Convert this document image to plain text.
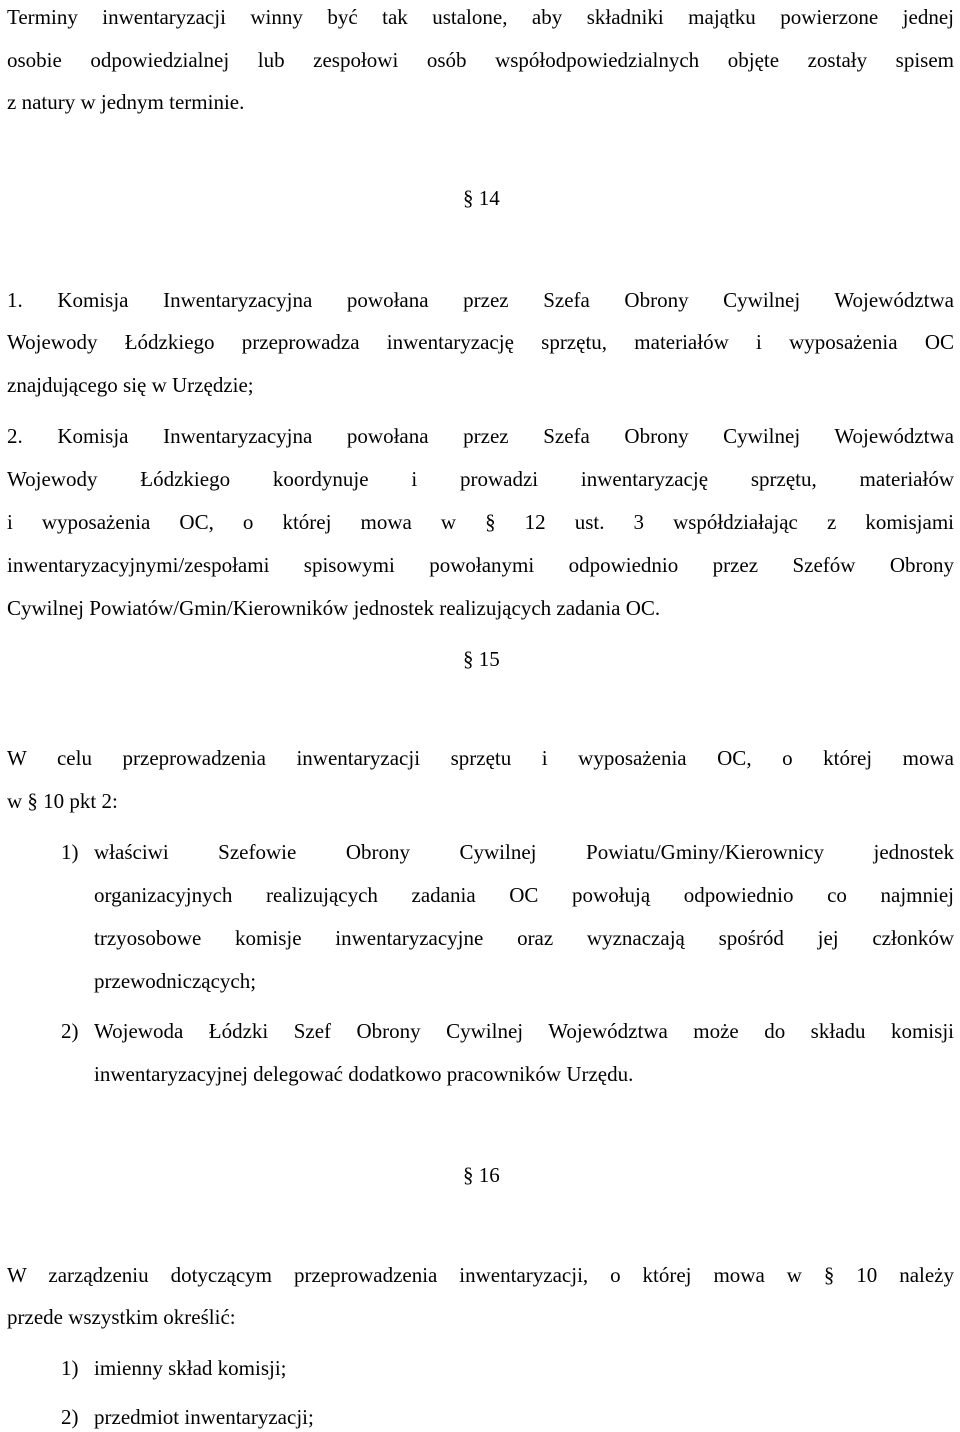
Terminy inwentaryzacji winny być tak ustalone, aby składniki majątku powierzone jednej
osobie odpowiedzialnej lub zespołowi osób współodpowiedzialnych objęte zostały spisem
z natury w jednym terminie.
§ 14
1. Komisja Inwentaryzacyjna powołana przez Szefa Obrony Cywilnej Województwa
Wojewody Łódzkiego przeprowadza inwentaryzację sprzętu, materiałów i wyposażenia OC
znajdującego się w Urzędzie;
2. Komisja Inwentaryzacyjna powołana przez Szefa Obrony Cywilnej Województwa
Wojewody Łódzkiego koordynuje i prowadzi inwentaryzację sprzętu, materiałów
i wyposażenia OC, o której mowa w § 12 ust. 3 współdziałając z komisjami
inwentaryzacyjnymi/zespołami spisowymi powołanymi odpowiednio przez Szefów Obrony
Cywilnej Powiatów/Gmin/Kierowników jednostek realizujących zadania OC.
§ 15
W celu przeprowadzenia inwentaryzacji sprzętu i wyposażenia OC, o której mowa
w § 10 pkt 2:
1) właściwi Szefowie Obrony Cywilnej Powiatu/Gminy/Kierownicy jednostek
organizacyjnych realizujących zadania OC powołują odpowiednio co najmniej
trzyosobowe komisje inwentaryzacyjne oraz wyznaczają spośród jej członków
przewodniczących;
2) Wojewoda Łódzki Szef Obrony Cywilnej Województwa może do składu komisji
inwentaryzacyjnej delegować dodatkowo pracowników Urzędu.
§ 16
W zarządzeniu dotyczącym przeprowadzenia inwentaryzacji, o której mowa w § 10 należy
przede wszystkim określić:
1) imienny skład komisji;
2) przedmiot inwentaryzacji;
